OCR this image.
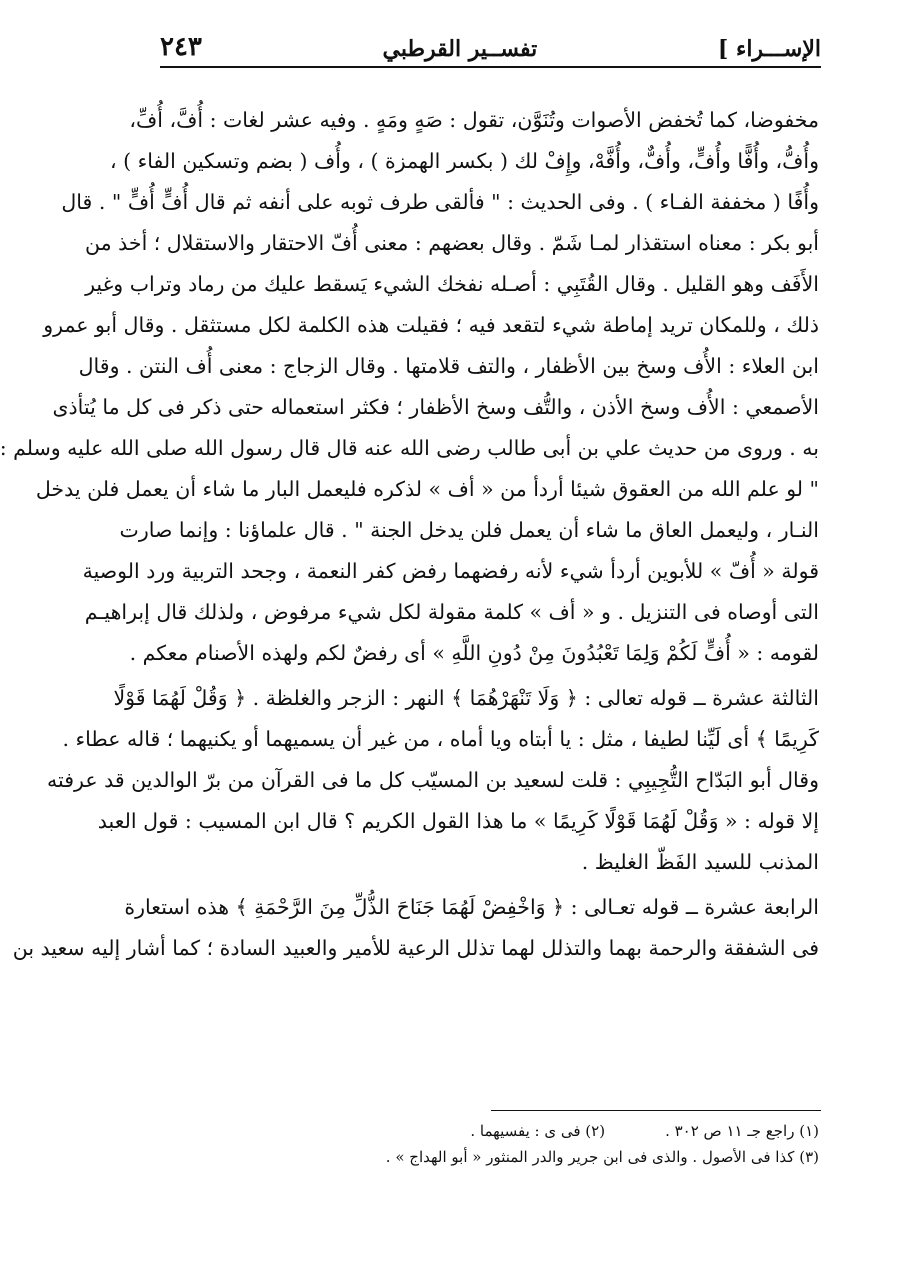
٢٤٣	تفســير القرطبي	الإســـراء ]
مخفوضا، كما تُخفض الأصوات وتُنَوَّن، تقول : صَهٍ ومَهٍ . وفيه عشر لغات : أُفَّ، أُفِّ،
وأُفُّ، وأُفًّا وأُفٍّ، وأُفٌّ، وأُفَّهْ، وإِفْ لك ( بكسر الهمزة ) ، وأُف ( بضم وتسكين الفاء ) ،
وأُفًا ( مخففة الفـاء ) . وفى الحديث : " فألقى طرف ثوبه على أنفه ثم قال أُفٍّ أُفٍّ " . قال
أبو بكر : معناه استقذار لمـا شَمّ . وقال بعضهم : معنى أُفّ الاحتقار والاستقلال ؛ أخذ من
الأَفَف وهو القليل . وقال القُتَبِي : أصـله نفخك الشيء يَسقط عليك من رماد وتراب وغير
ذلك ، وللمكان تريد إماطة شيء لتقعد فيه ؛ فقيلت هذه الكلمة لكل مستثقل . وقال أبو عمرو
ابن العلاء : الأُف وسخ بين الأظفار ، والتف قلامتها . وقال الزجاج : معنى أُف النتن . وقال
الأصمعي : الأُف وسخ الأذن ، والتُّف وسخ الأظفار ؛ فكثر استعماله حتى ذكر فى كل ما يُتأذى
به . وروى من حديث علي بن أبى طالب رضى الله عنه قال قال رسول الله صلى الله عليه وسلم :
" لو علم الله من العقوق شيئا أردأ من « أف » لذكره فليعمل البار ما شاء أن يعمل فلن يدخل
النـار ، وليعمل العاق ما شاء أن يعمل فلن يدخل الجنة " . قال علماؤنا : وإنما صارت
قولة « أُفّ » للأبوين أردأ شيء لأنه رفضهما رفض كفر النعمة ، وجحد التربية ورد الوصية
التى أوصاه فى التنزيل . و « أف » كلمة مقولة لكل شيء مرفوض ، ولذلك قال إبراهيـم
لقومه : « أُفٍّ لَكُمْ وَلِمَا تَعْبُدُونَ مِنْ دُونِ اللَّهِ » أى رفضٌ لكم ولهذه الأصنام معكم .
الثالثة عشرة ــ قوله تعالى : ﴿ وَلَا تَنْهَرْهُمَا ﴾ النهر : الزجر والغلظة . ﴿ وَقُلْ لَهُمَا قَوْلًا
كَرِيمًا ﴾ أى لَيِّنا لطيفا ، مثل : يا أبتاه ويا أماه ، من غير أن يسميهما أو يكنيهما ؛ قاله عطاء .
وقال أبو البَدّاح التُّجِيبِي : قلت لسعيد بن المسيّب كل ما فى القرآن من برّ الوالدين قد عرفته
إلا قوله : « وَقُلْ لَهُمَا قَوْلًا كَرِيمًا » ما هذا القول الكريم ؟ قال ابن المسيب : قول العبد
المذنب للسيد الفَظّ الغليظ .
الرابعة عشرة ــ قوله تعـالى : ﴿ وَاخْفِضْ لَهُمَا جَنَاحَ الذُّلِّ مِنَ الرَّحْمَةِ ﴾ هذه استعارة
فى الشفقة والرحمة بهما والتذلل لهما تذلل الرعية للأمير والعبيد السادة ؛ كما أشار إليه سعيد بن
(١) راجع جـ ١١ ص ٣٠٢ .
(٢) فى ى : يفسيهما .
(٣) كذا فى الأصول . والذى فى ابن جرير والدر المنثور « أبو الهداج » .
